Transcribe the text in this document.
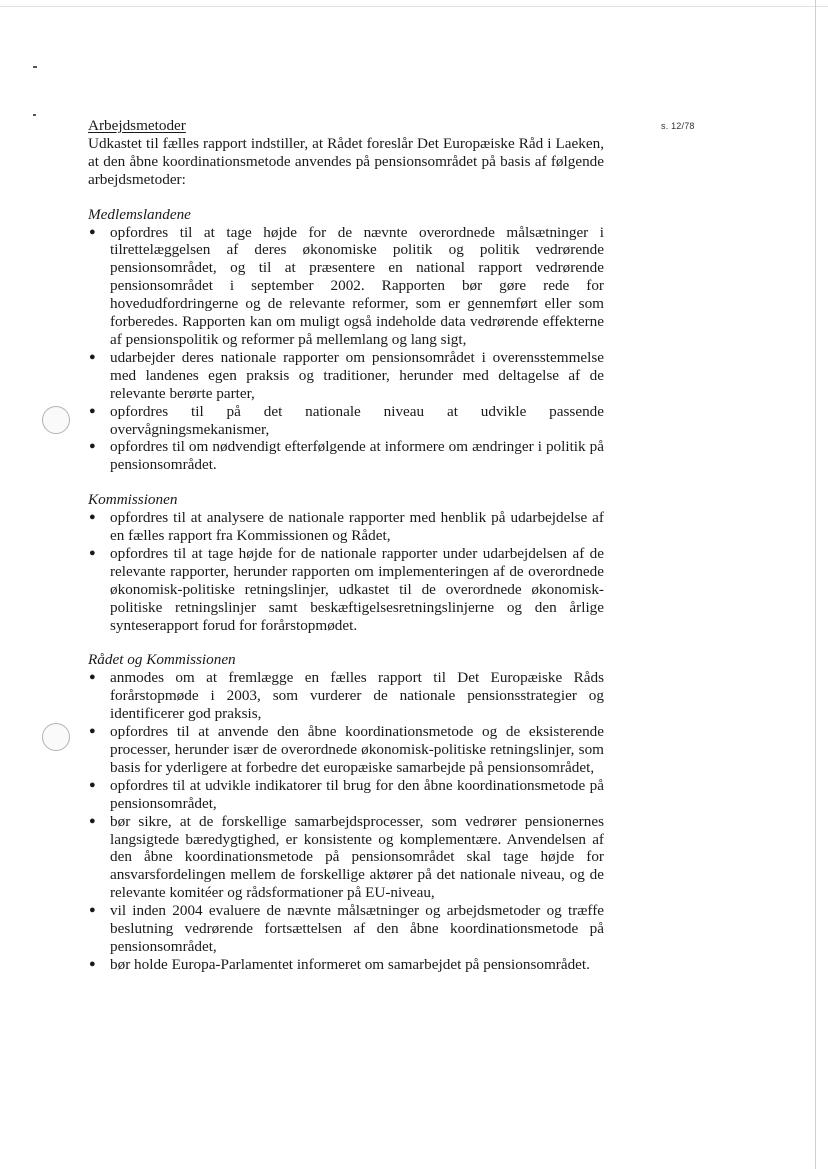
s. 12/78
Arbejdsmetoder

Udkastet til fælles rapport indstiller, at Rådet foreslår Det Europæiske Råd i Laeken, at den åbne koordinationsmetode anvendes på pensionsområdet på basis af følgende arbejdsmetoder:

Medlemslandene
● opfordres til at tage højde for de nævnte overordnede målsætninger i tilrettelæggelsen af deres økonomiske politik og politik vedrørende pensionsområdet, og til at præsentere en national rapport vedrørende pensionsområdet i september 2002. Rapporten bør gøre rede for hovedudfordringerne og de relevante reformer, som er gennemført eller som forberedes. Rapporten kan om muligt også indeholde data vedrørende effekterne af pensionspolitik og reformer på mellemlang og lang sigt,
● udarbejder deres nationale rapporter om pensionsområdet i overensstemmelse med landenes egen praksis og traditioner, herunder med deltagelse af de relevante berørte parter,
● opfordres til på det nationale niveau at udvikle passende overvågningsmekanismer,
● opfordres til om nødvendigt efterfølgende at informere om ændringer i politik på pensionsområdet.
Kommissionen
● opfordres til at analysere de nationale rapporter med henblik på udarbejdelse af en fælles rapport fra Kommissionen og Rådet,
● opfordres til at tage højde for de nationale rapporter under udarbejdelsen af de relevante rapporter, herunder rapporten om implementeringen af de overordnede økonomisk-politiske retningslinjer, udkastet til de overordnede økonomisk-politiske retningslinjer samt beskæftigelsesretningslinjerne og den årlige synteserapport forud for forårstopmødet.
Rådet og Kommissionen
● anmodes om at fremlægge en fælles rapport til Det Europæiske Råds forårstopmøde i 2003, som vurderer de nationale pensionsstrategier og identificerer god praksis,
● opfordres til at anvende den åbne koordinationsmetode og de eksisterende processer, herunder især de overordnede økonomisk-politiske retningslinjer, som basis for yderligere at forbedre det europæiske samarbejde på pensionsområdet,
● opfordres til at udvikle indikatorer til brug for den åbne koordinationsmetode på pensionsområdet,
● bør sikre, at de forskellige samarbejdsprocesser, som vedrører pensionernes langsigtede bæredygtighed, er konsistente og komplementære. Anvendelsen af den åbne koordinationsmetode på pensionsområdet skal tage højde for ansvarsfordelingen mellem de forskellige aktører på det nationale niveau, og de relevante komitéer og rådsformationer på EU-niveau,
● vil inden 2004 evaluere de nævnte målsætninger og arbejdsmetoder og træffe beslutning vedrørende fortsættelsen af den åbne koordinationsmetode på pensionsområdet,
● bør holde Europa-Parlamentet informeret om samarbejdet på pensionsområdet.
